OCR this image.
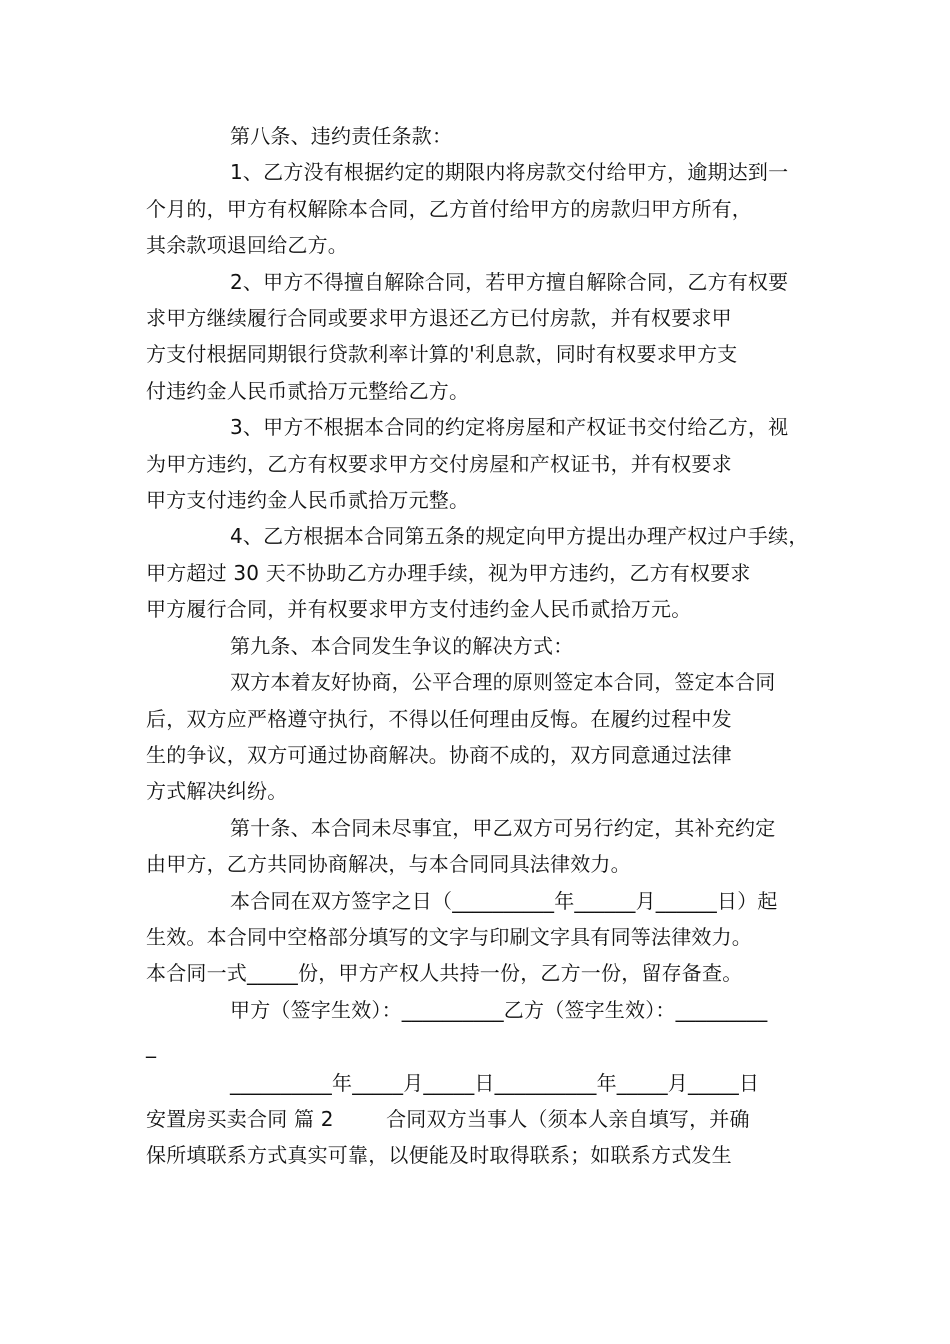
第八条、违约责任条款：
1、乙方没有根据约定的期限内将房款交付给甲方，逾期达到一
个月的，甲方有权解除本合同，乙方首付给甲方的房款归甲方所有，
其余款项退回给乙方。
2、甲方不得擅自解除合同，若甲方擅自解除合同，乙方有权要
求甲方继续履行合同或要求甲方退还乙方已付房款，并有权要求甲
方支付根据同期银行贷款利率计算的'利息款，同时有权要求甲方支
付违约金人民币贰拾万元整给乙方。
3、甲方不根据本合同的约定将房屋和产权证书交付给乙方，视
为甲方违约，乙方有权要求甲方交付房屋和产权证书，并有权要求
甲方支付违约金人民币贰拾万元整。
4、乙方根据本合同第五条的规定向甲方提出办理产权过户手续，
甲方超过 30 天不协助乙方办理手续，视为甲方违约，乙方有权要求
甲方履行合同，并有权要求甲方支付违约金人民币贰拾万元。
第九条、本合同发生争议的解决方式：
双方本着友好协商，公平合理的原则签定本合同，签定本合同
后，双方应严格遵守执行，不得以任何理由反悔。在履约过程中发
生的争议，双方可通过协商解决。协商不成的，双方同意通过法律
方式解决纠纷。
第十条、本合同未尽事宜，甲乙双方可另行约定，其补充约定
由甲方，乙方共同协商解决，与本合同同具法律效力。
本合同在双方签字之日（__________年______月______日）起
生效。本合同中空格部分填写的文字与印刷文字具有同等法律效力。
本合同一式_____份，甲方产权人共持一份，乙方一份，留存备查。
甲方（签字生效）：__________乙方（签字生效）：_________
_
__________年_____月_____日__________年_____月_____日
安置房买卖合同 篇 2        合同双方当事人（须本人亲自填写，并确
保所填联系方式真实可靠，以便能及时取得联系；如联系方式发生
